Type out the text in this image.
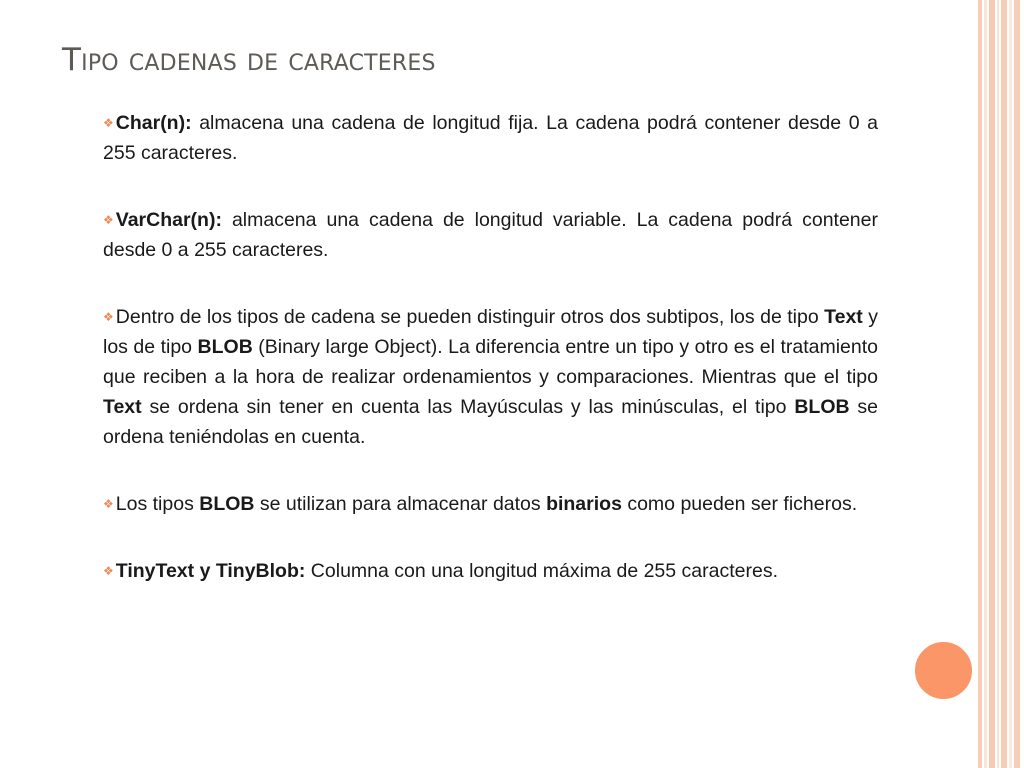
Tipo cadenas de caracteres

❖ Char(n): almacena una cadena de longitud fija. La cadena podrá contener desde 0 a 255 caracteres.

❖ VarChar(n): almacena una cadena de longitud variable. La cadena podrá contener desde 0 a 255 caracteres.

❖ Dentro de los tipos de cadena se pueden distinguir otros dos subtipos, los de tipo Text y los de tipo BLOB (Binary large Object). La diferencia entre un tipo y otro es el tratamiento que reciben a la hora de realizar ordenamientos y comparaciones. Mientras que el tipo Text se ordena sin tener en cuenta las Mayúsculas y las minúsculas, el tipo BLOB se ordena teniéndolas en cuenta.

❖ Los tipos BLOB se utilizan para almacenar datos binarios como pueden ser ficheros.

❖ TinyText y TinyBlob: Columna con una longitud máxima de 255 caracteres.
